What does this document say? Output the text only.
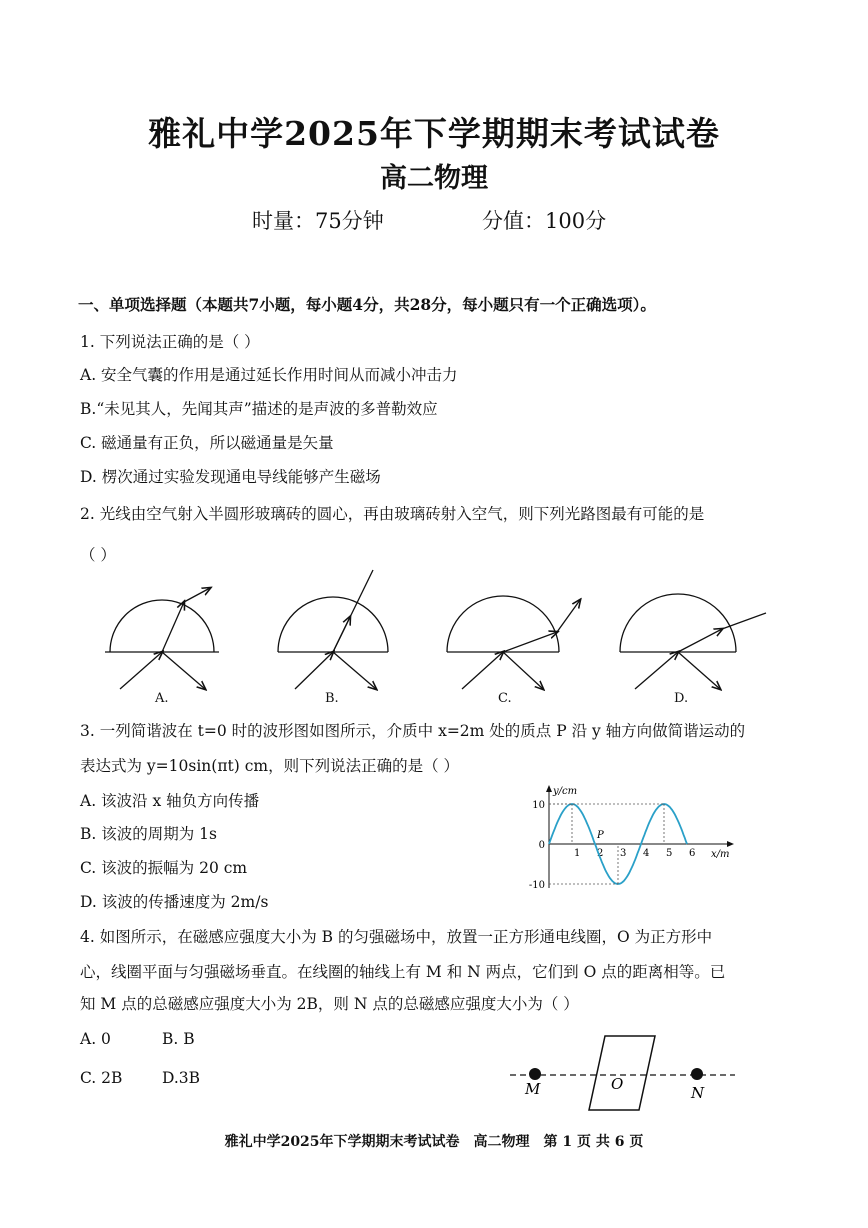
雅礼中学2025年下学期期末考试试卷
高二物理
时量：75分钟	分值：100分
一、单项选择题（本题共7小题，每小题4分，共28分，每小题只有一个正确选项）。
1. 下列说法正确的是（ ）
A. 安全气囊的作用是通过延长作用时间从而减小冲击力
B.“未见其人，先闻其声”描述的是声波的多普勒效应
C. 磁通量有正负，所以磁通量是矢量
D. 楞次通过实验发现通电导线能够产生磁场
2. 光线由空气射入半圆形玻璃砖的圆心，再由玻璃砖射入空气，则下列光路图最有可能的是
（ ）
A.	B.	C.	D.
3. 一列简谐波在 t=0 时的波形图如图所示，介质中 x=2m 处的质点 P 沿 y 轴方向做简谐运动的
表达式为 y=10sin(πt) cm，则下列说法正确的是（ ）
A. 该波沿 x 轴负方向传播
B. 该波的周期为 1s
C. 该波的振幅为 20 cm
D. 该波的传播速度为 2m/s
y/cm
x/m
1 2 3 4 5 6
10
0
-10
P
4. 如图所示，在磁感应强度大小为 B 的匀强磁场中，放置一正方形通电线圈，O 为正方形中
心，线圈平面与匀强磁场垂直。在线圈的轴线上有 M 和 N 两点，它们到 O 点的距离相等。已
知 M 点的总磁感应强度大小为 2B，则 N 点的总磁感应强度大小为（ ）
A. 0	B. B
C. 2B	D.3B
M	O	N
雅礼中学2025年下学期期末考试试卷　高二物理　第 1 页 共 6 页
